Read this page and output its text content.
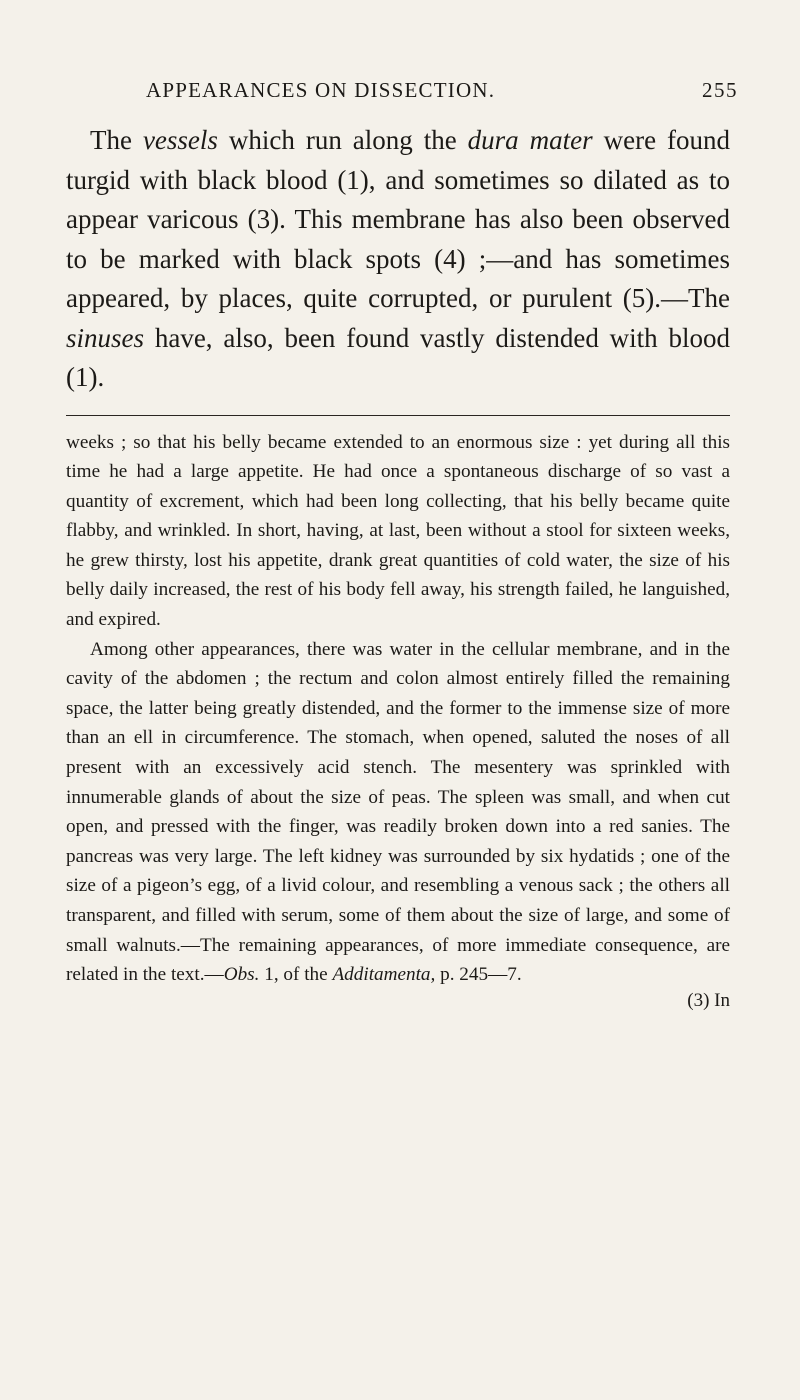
APPEARANCES ON DISSECTION.	255

The vessels which run along the dura mater were found turgid with black blood (1), and sometimes so dilated as to appear varicous (3). This membrane has also been observed to be marked with black spots (4) ;—and has sometimes appeared, by places, quite corrupted, or purulent (5).—The sinuses have, also, been found vastly distended with blood (1).

weeks ; so that his belly became extended to an enormous size : yet during all this time he had a large appetite. He had once a spontaneous discharge of so vast a quantity of excrement, which had been long collecting, that his belly became quite flabby, and wrinkled. In short, having, at last, been without a stool for sixteen weeks, he grew thirsty, lost his appetite, drank great quantities of cold water, the size of his belly daily increased, the rest of his body fell away, his strength failed, he languished, and expired.

Among other appearances, there was water in the cellular membrane, and in the cavity of the abdomen ; the rectum and colon almost entirely filled the remaining space, the latter being greatly distended, and the former to the immense size of more than an ell in circumference. The stomach, when opened, saluted the noses of all present with an excessively acid stench. The mesentery was sprinkled with innumerable glands of about the size of peas. The spleen was small, and when cut open, and pressed with the finger, was readily broken down into a red sanies. The pancreas was very large. The left kidney was surrounded by six hydatids ; one of the size of a pigeon’s egg, of a livid colour, and resembling a venous sack ; the others all transparent, and filled with serum, some of them about the size of large, and some of small walnuts.—The remaining appearances, of more immediate consequence, are related in the text.—Obs. 1, of the Additamenta, p. 245—7.

(3) In
